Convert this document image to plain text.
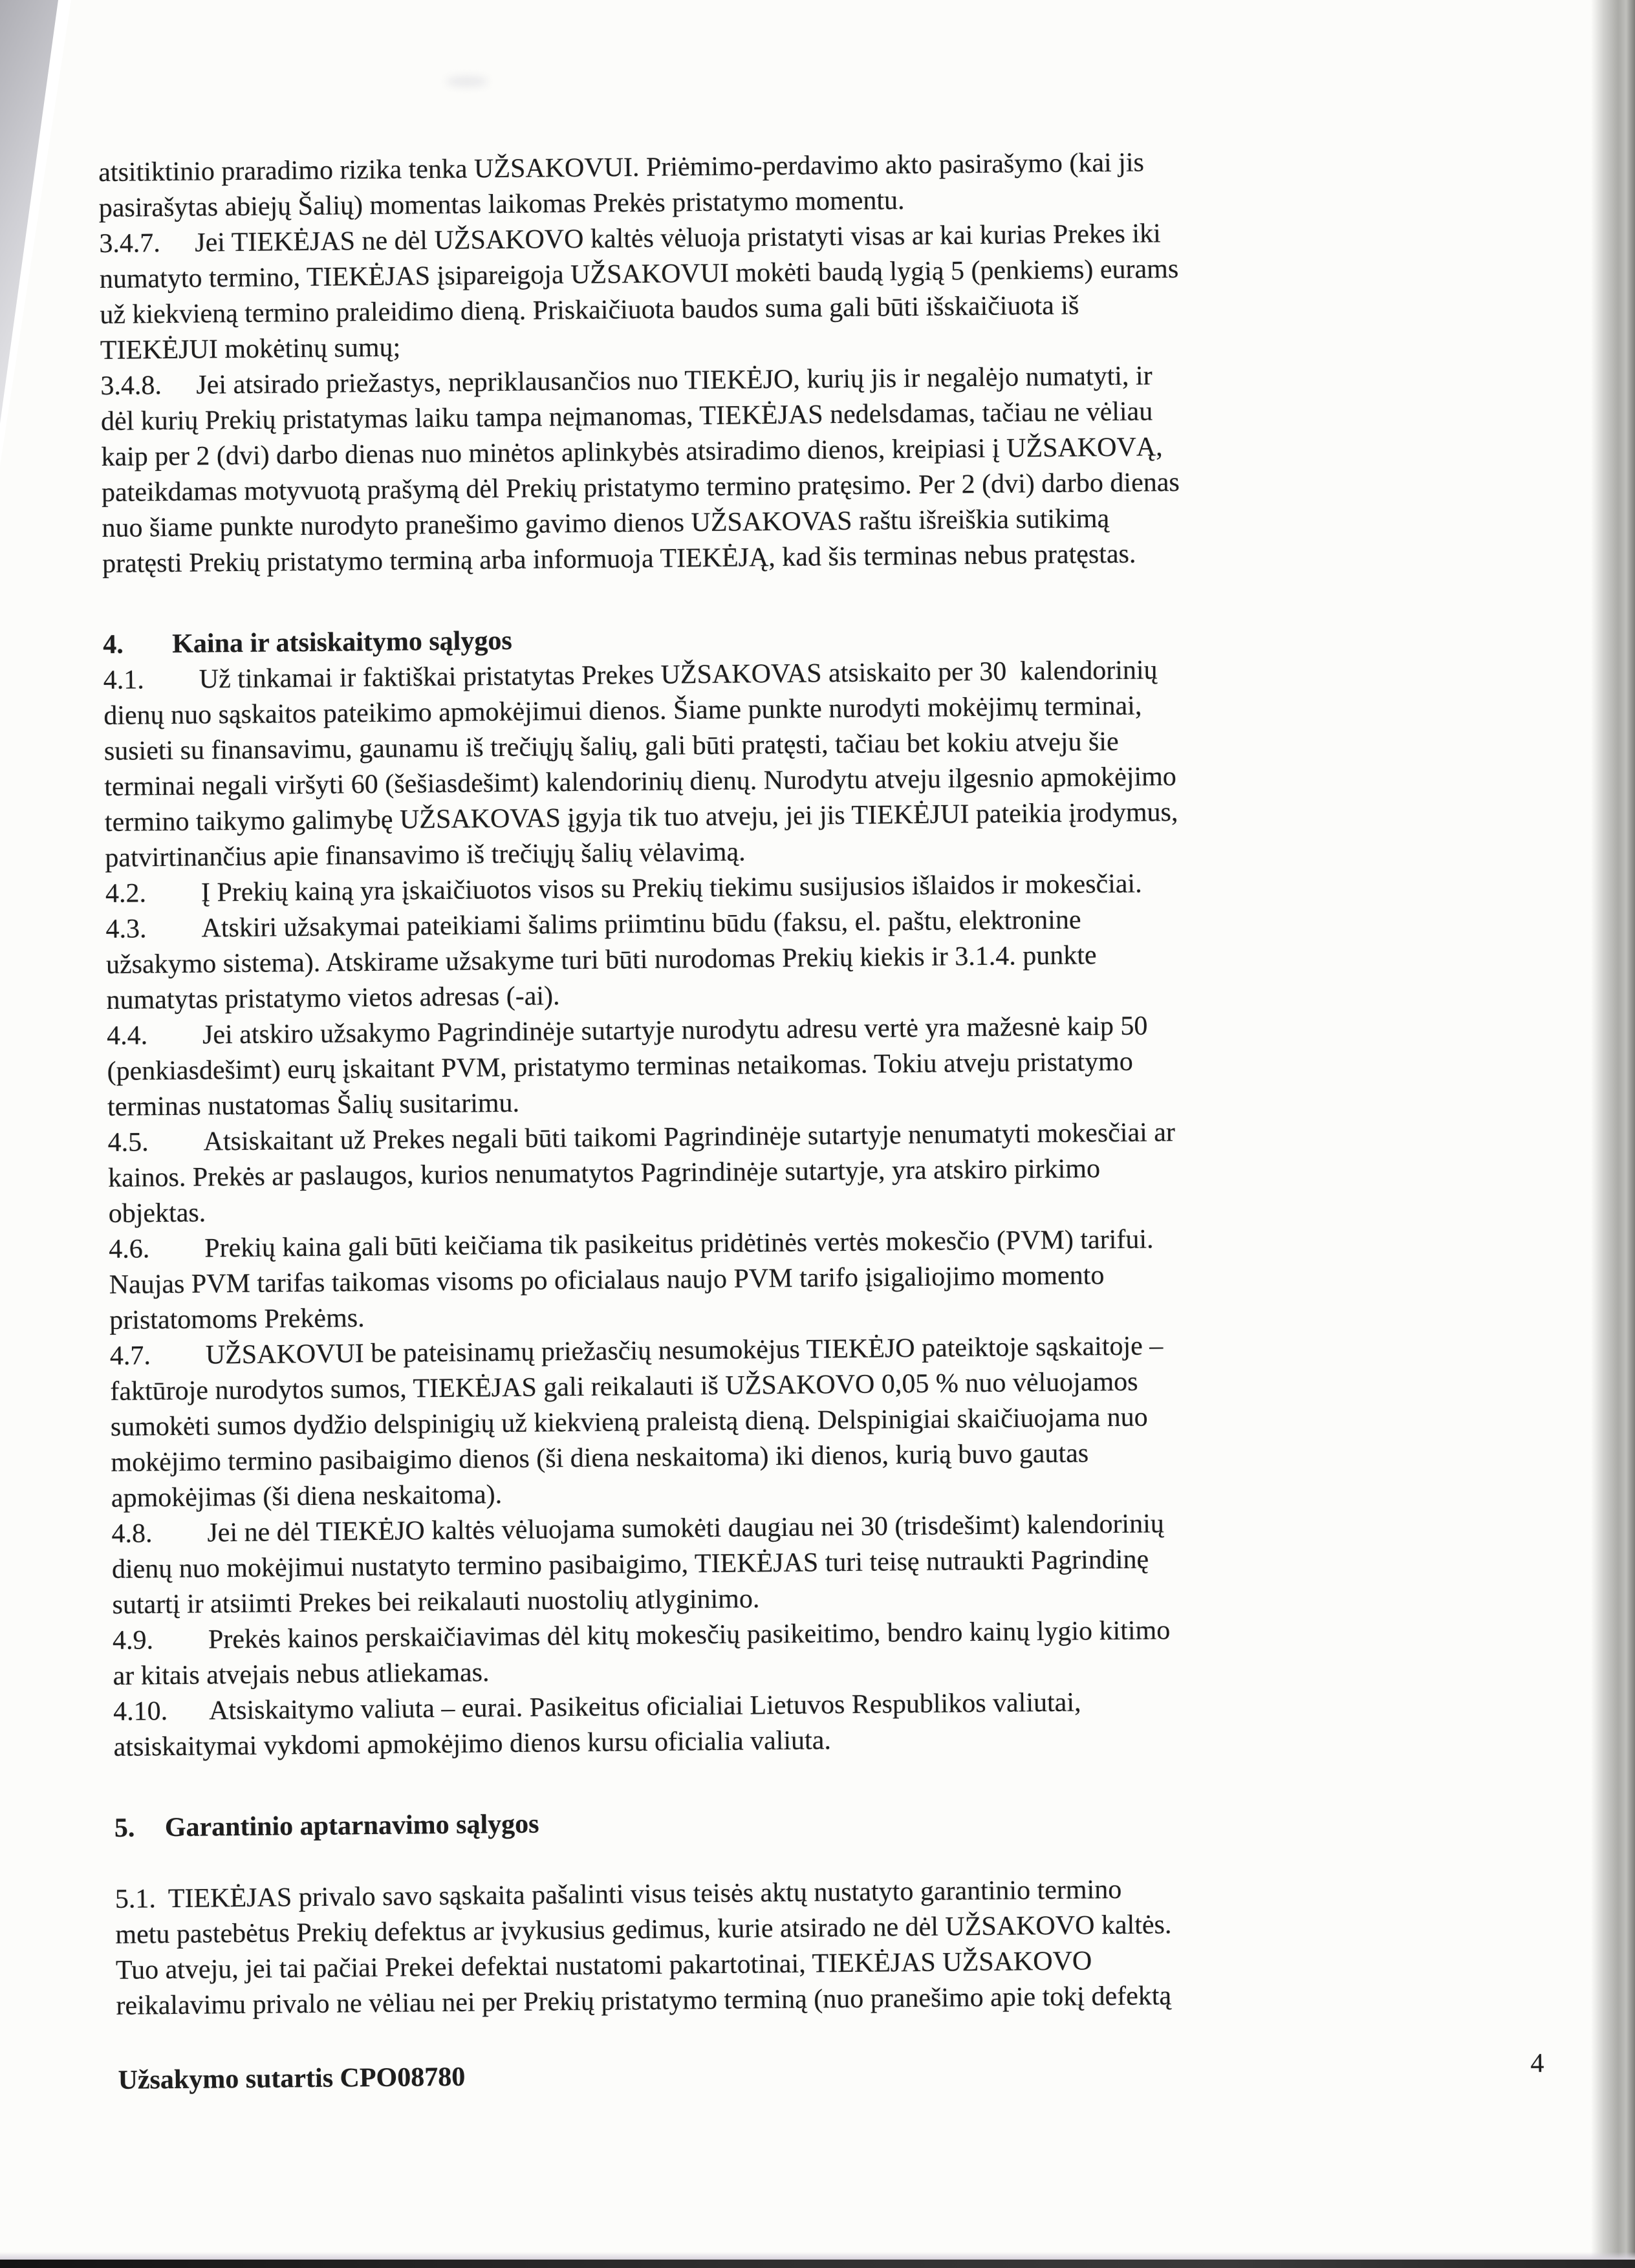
atsitiktinio praradimo rizika tenka UŽSAKOVUI. Priėmimo-perdavimo akto pasirašymo (kai jis
pasirašytas abiejų Šalių) momentas laikomas Prekės pristatymo momentu.
3.4.7. Jei TIEKĖJAS ne dėl UŽSAKOVO kaltės vėluoja pristatyti visas ar kai kurias Prekes iki
numatyto termino, TIEKĖJAS įsipareigoja UŽSAKOVUI mokėti baudą lygią 5 (penkiems) eurams
už kiekvieną termino praleidimo dieną. Priskaičiuota baudos suma gali būti išskaičiuota iš
TIEKĖJUI mokėtinų sumų;
3.4.8. Jei atsirado priežastys, nepriklausančios nuo TIEKĖJO, kurių jis ir negalėjo numatyti, ir
dėl kurių Prekių pristatymas laiku tampa neįmanomas, TIEKĖJAS nedelsdamas, tačiau ne vėliau
kaip per 2 (dvi) darbo dienas nuo minėtos aplinkybės atsiradimo dienos, kreipiasi į UŽSAKOVĄ,
pateikdamas motyvuotą prašymą dėl Prekių pristatymo termino pratęsimo. Per 2 (dvi) darbo dienas
nuo šiame punkte nurodyto pranešimo gavimo dienos UŽSAKOVAS raštu išreiškia sutikimą
pratęsti Prekių pristatymo terminą arba informuoja TIEKĖJĄ, kad šis terminas nebus pratęstas.
4. Kaina ir atsiskaitymo sąlygos
4.1. Už tinkamai ir faktiškai pristatytas Prekes UŽSAKOVAS atsiskaito per 30  kalendorinių
dienų nuo sąskaitos pateikimo apmokėjimui dienos. Šiame punkte nurodyti mokėjimų terminai,
susieti su finansavimu, gaunamu iš trečiųjų šalių, gali būti pratęsti, tačiau bet kokiu atveju šie
terminai negali viršyti 60 (šešiasdešimt) kalendorinių dienų. Nurodytu atveju ilgesnio apmokėjimo
termino taikymo galimybę UŽSAKOVAS įgyja tik tuo atveju, jei jis TIEKĖJUI pateikia įrodymus,
patvirtinančius apie finansavimo iš trečiųjų šalių vėlavimą.
4.2. Į Prekių kainą yra įskaičiuotos visos su Prekių tiekimu susijusios išlaidos ir mokesčiai.
4.3. Atskiri užsakymai pateikiami šalims priimtinu būdu (faksu, el. paštu, elektronine
užsakymo sistema). Atskirame užsakyme turi būti nurodomas Prekių kiekis ir 3.1.4. punkte
numatytas pristatymo vietos adresas (-ai).
4.4. Jei atskiro užsakymo Pagrindinėje sutartyje nurodytu adresu vertė yra mažesnė kaip 50
(penkiasdešimt) eurų įskaitant PVM, pristatymo terminas netaikomas. Tokiu atveju pristatymo
terminas nustatomas Šalių susitarimu.
4.5. Atsiskaitant už Prekes negali būti taikomi Pagrindinėje sutartyje nenumatyti mokesčiai ar
kainos. Prekės ar paslaugos, kurios nenumatytos Pagrindinėje sutartyje, yra atskiro pirkimo
objektas.
4.6. Prekių kaina gali būti keičiama tik pasikeitus pridėtinės vertės mokesčio (PVM) tarifui.
Naujas PVM tarifas taikomas visoms po oficialaus naujo PVM tarifo įsigaliojimo momento
pristatomoms Prekėms.
4.7. UŽSAKOVUI be pateisinamų priežasčių nesumokėjus TIEKĖJO pateiktoje sąskaitoje –
faktūroje nurodytos sumos, TIEKĖJAS gali reikalauti iš UŽSAKOVO 0,05 % nuo vėluojamos
sumokėti sumos dydžio delspinigių už kiekvieną praleistą dieną. Delspinigiai skaičiuojama nuo
mokėjimo termino pasibaigimo dienos (ši diena neskaitoma) iki dienos, kurią buvo gautas
apmokėjimas (ši diena neskaitoma).
4.8. Jei ne dėl TIEKĖJO kaltės vėluojama sumokėti daugiau nei 30 (trisdešimt) kalendorinių
dienų nuo mokėjimui nustatyto termino pasibaigimo, TIEKĖJAS turi teisę nutraukti Pagrindinę
sutartį ir atsiimti Prekes bei reikalauti nuostolių atlyginimo.
4.9. Prekės kainos perskaičiavimas dėl kitų mokesčių pasikeitimo, bendro kainų lygio kitimo
ar kitais atvejais nebus atliekamas.
4.10. Atsiskaitymo valiuta – eurai. Pasikeitus oficialiai Lietuvos Respublikos valiutai,
atsiskaitymai vykdomi apmokėjimo dienos kursu oficialia valiuta.
5. Garantinio aptarnavimo sąlygos
5.1. TIEKĖJAS privalo savo sąskaita pašalinti visus teisės aktų nustatyto garantinio termino
metu pastebėtus Prekių defektus ar įvykusius gedimus, kurie atsirado ne dėl UŽSAKOVO kaltės.
Tuo atveju, jei tai pačiai Prekei defektai nustatomi pakartotinai, TIEKĖJAS UŽSAKOVO
reikalavimu privalo ne vėliau nei per Prekių pristatymo terminą (nuo pranešimo apie tokį defektą
Užsakymo sutartis CPO08780	4
